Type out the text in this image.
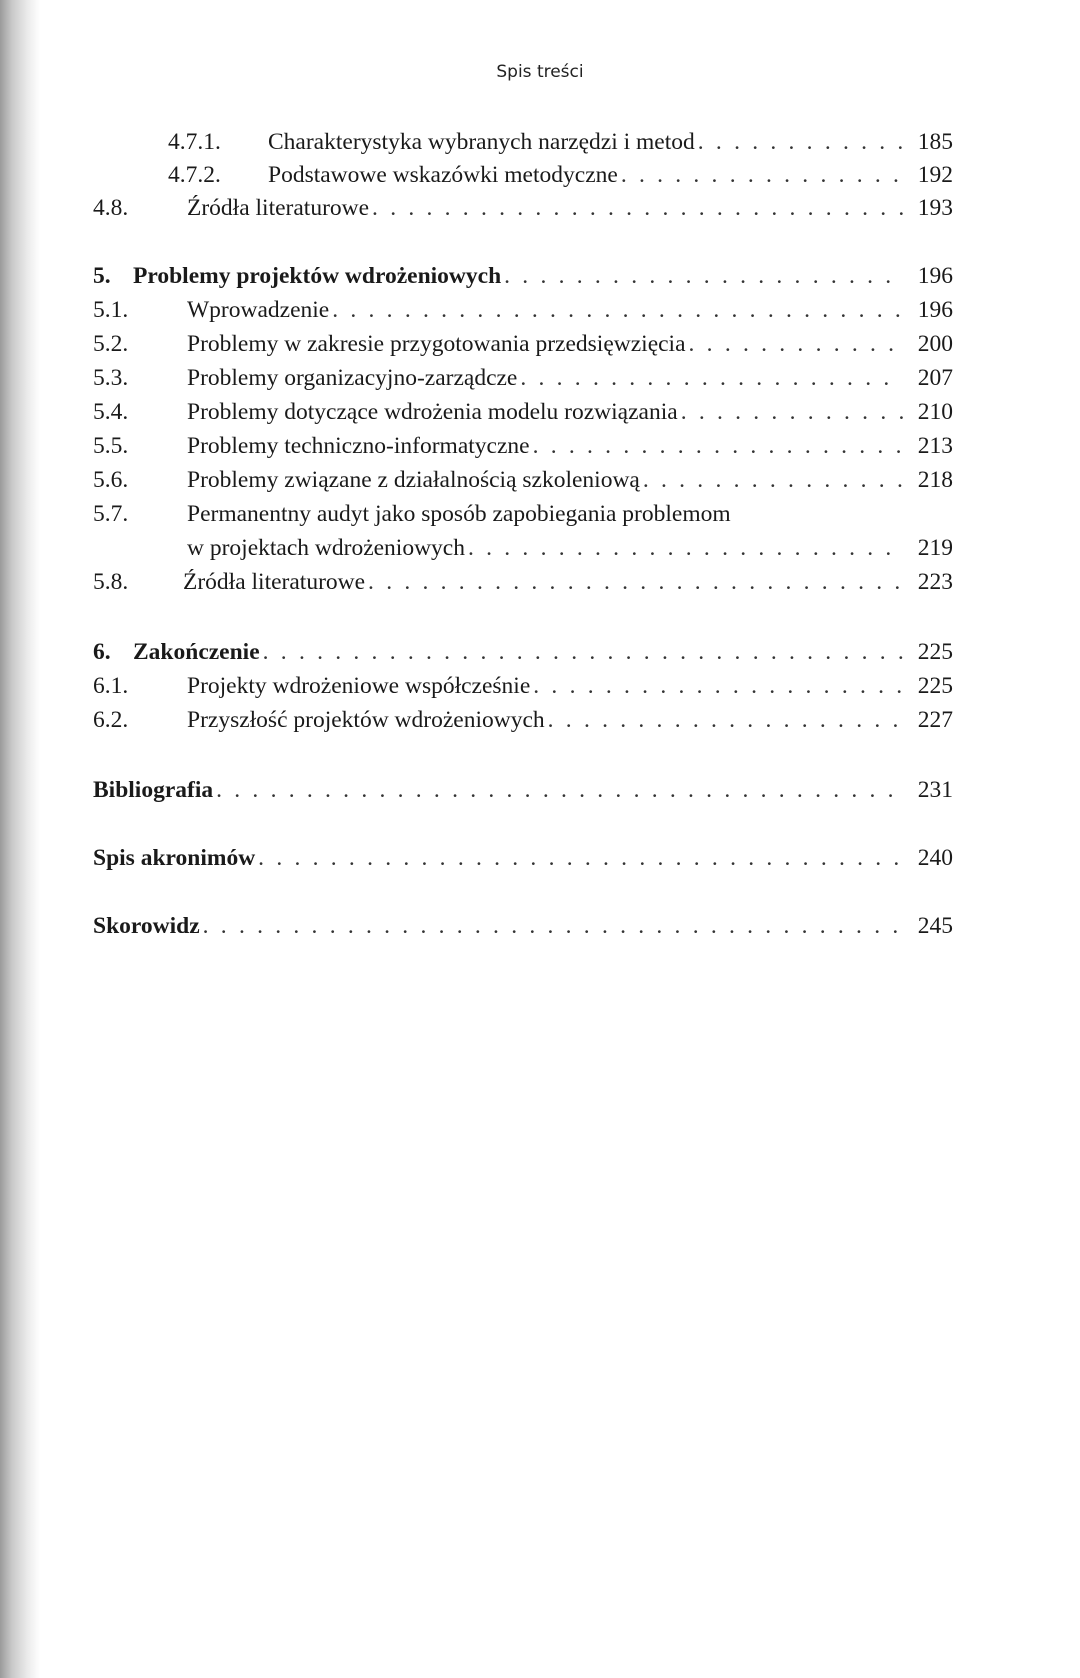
Spis treści
4.7.1. Charakterystyka wybranych narzędzi i metod . . .	185
4.7.2. Podstawowe wskazówki metodyczne . . .	192
4.8.	Źródła literaturowe . . .	193
5. Problemy projektów wdrożeniowych . . .	196
5.1.	Wprowadzenie . . .	196
5.2.	Problemy w zakresie przygotowania przedsięwzięcia . . .	200
5.3.	Problemy organizacyjno-zarządcze . . .	207
5.4.	Problemy dotyczące wdrożenia modelu rozwiązania . . .	210
5.5.	Problemy techniczno-informatyczne . . .	213
5.6.	Problemy związane z działalnością szkoleniową . . .	218
5.7.	Permanentny audyt jako sposób zapobiegania problemom
w projektach wdrożeniowych . . .	219
5.8. Źródła literaturowe . . .	223
6. Zakończenie . . .	225
6.1.	Projekty wdrożeniowe współcześnie . . .	225
6.2.	Przyszłość projektów wdrożeniowych . . .	227
Bibliografia . . .	231
Spis akronimów . . .	240
Skorowidz . . .	245
